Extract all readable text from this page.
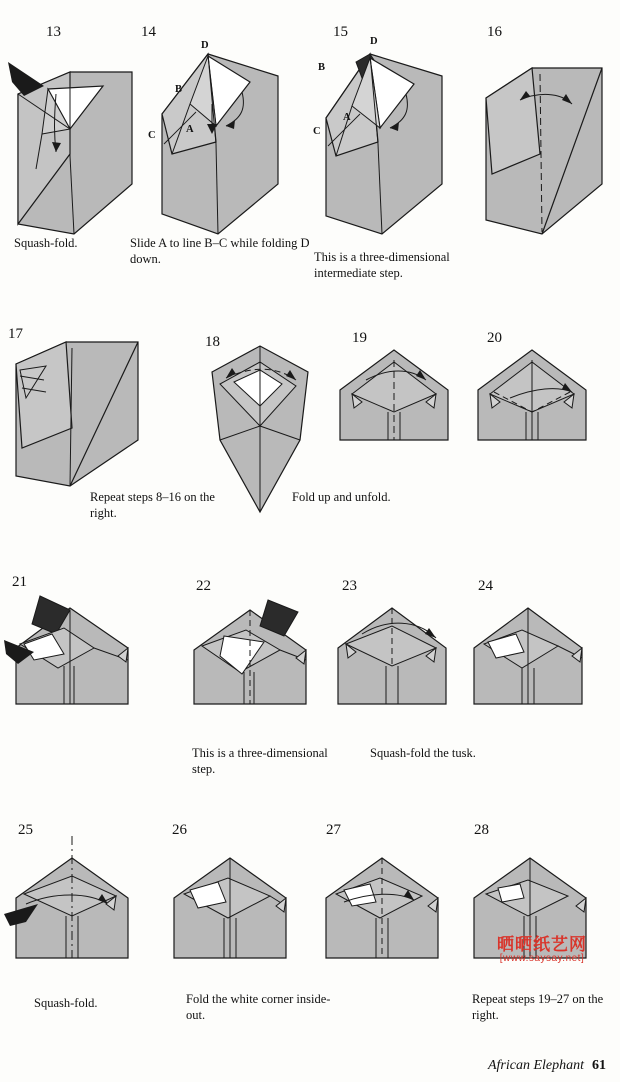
13
Squash-fold.
14
D
B
C
A
Slide A to line B–C while folding D down.
15
D
B
C
A
This is a three-dimensional intermediate step.
16
17	18
Repeat steps 8–16 on the right.
19
Fold up and unfold.
20
21	22
This is a three-dimensional step.
23
Squash-fold the tusk.
24
25
Squash-fold.
26
Fold the white corner inside-out.
27	28
Repeat steps 19–27 on the right.
晒晒纸艺网
[www.saysay.net]
African Elephant 61
